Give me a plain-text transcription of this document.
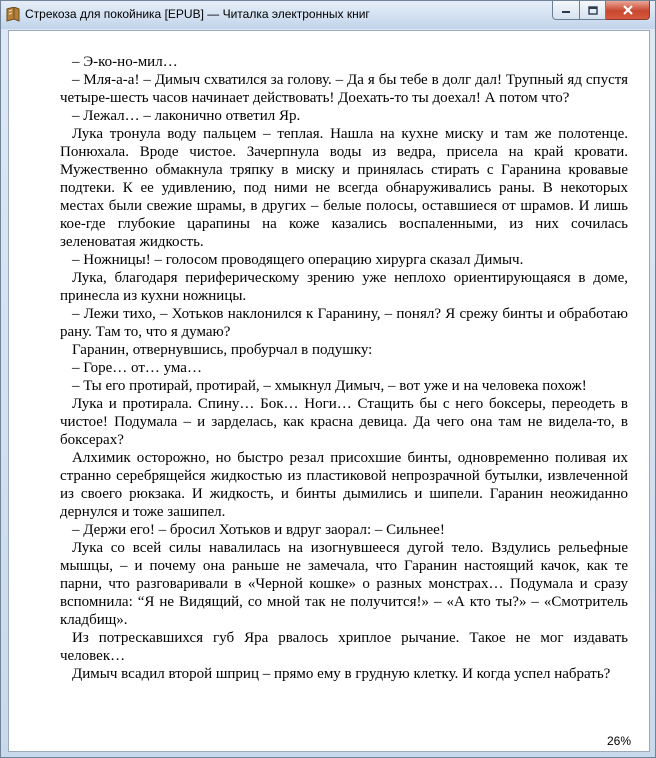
Стрекоза для покойника [EPUB] — Читалка электронных книг

– Э-ко-но-мил…

– Мля-а-а! – Димыч схватился за голову. – Да я бы тебе в долг дал! Трупный яд спустя четыре-шесть часов начинает действовать! Доехать-то ты доехал! А потом что?

– Лежал… – лаконично ответил Яр.

Лука тронула воду пальцем – теплая. Нашла на кухне миску и там же полотенце. Понюхала. Вроде чистое. Зачерпнула воды из ведра, присела на край кровати. Мужественно обмакнула тряпку в миску и принялась стирать с Гаранина кровавые подтеки. К ее удивлению, под ними не всегда обнаруживались раны. В некоторых местах были свежие шрамы, в других – белые полосы, оставшиеся от шрамов. И лишь кое-где глубокие царапины на коже казались воспаленными, из них сочилась зеленоватая жидкость.

– Ножницы! – голосом проводящего операцию хирурга сказал Димыч.

Лука, благодаря периферическому зрению уже неплохо ориентирующаяся в доме, принесла из кухни ножницы.

– Лежи тихо, – Хотьков наклонился к Гаранину, – понял? Я срежу бинты и обработаю рану. Там то, что я думаю?

Гаранин, отвернувшись, пробурчал в подушку:

– Горе… от… ума…

– Ты его протирай, протирай, – хмыкнул Димыч, – вот уже и на человека похож!

Лука и протирала. Спину… Бок… Ноги… Стащить бы с него боксеры, переодеть в чистое! Подумала – и зарделась, как красна девица. Да чего она там не видела-то, в боксерах?

Алхимик осторожно, но быстро резал присохшие бинты, одновременно поливая их странно серебрящейся жидкостью из пластиковой непрозрачной бутылки, извлеченной из своего рюкзака. И жидкость, и бинты дымились и шипели. Гаранин неожиданно дернулся и тоже зашипел.

– Держи его! – бросил Хотьков и вдруг заорал: – Сильнее!

Лука со всей силы навалилась на изогнувшееся дугой тело. Вздулись рельефные мышцы, – и почему она раньше не замечала, что Гаранин настоящий качок, как те парни, что разговаривали в «Черной кошке» о разных монстрах… Подумала и сразу вспомнила: “Я не Видящий, со мной так не получится!» – «А кто ты?» – «Смотритель кладбищ».

Из потрескавшихся губ Яра рвалось хриплое рычание. Такое не мог издавать человек…

Димыч всадил второй шприц – прямо ему в грудную клетку. И когда успел набрать?

26%
